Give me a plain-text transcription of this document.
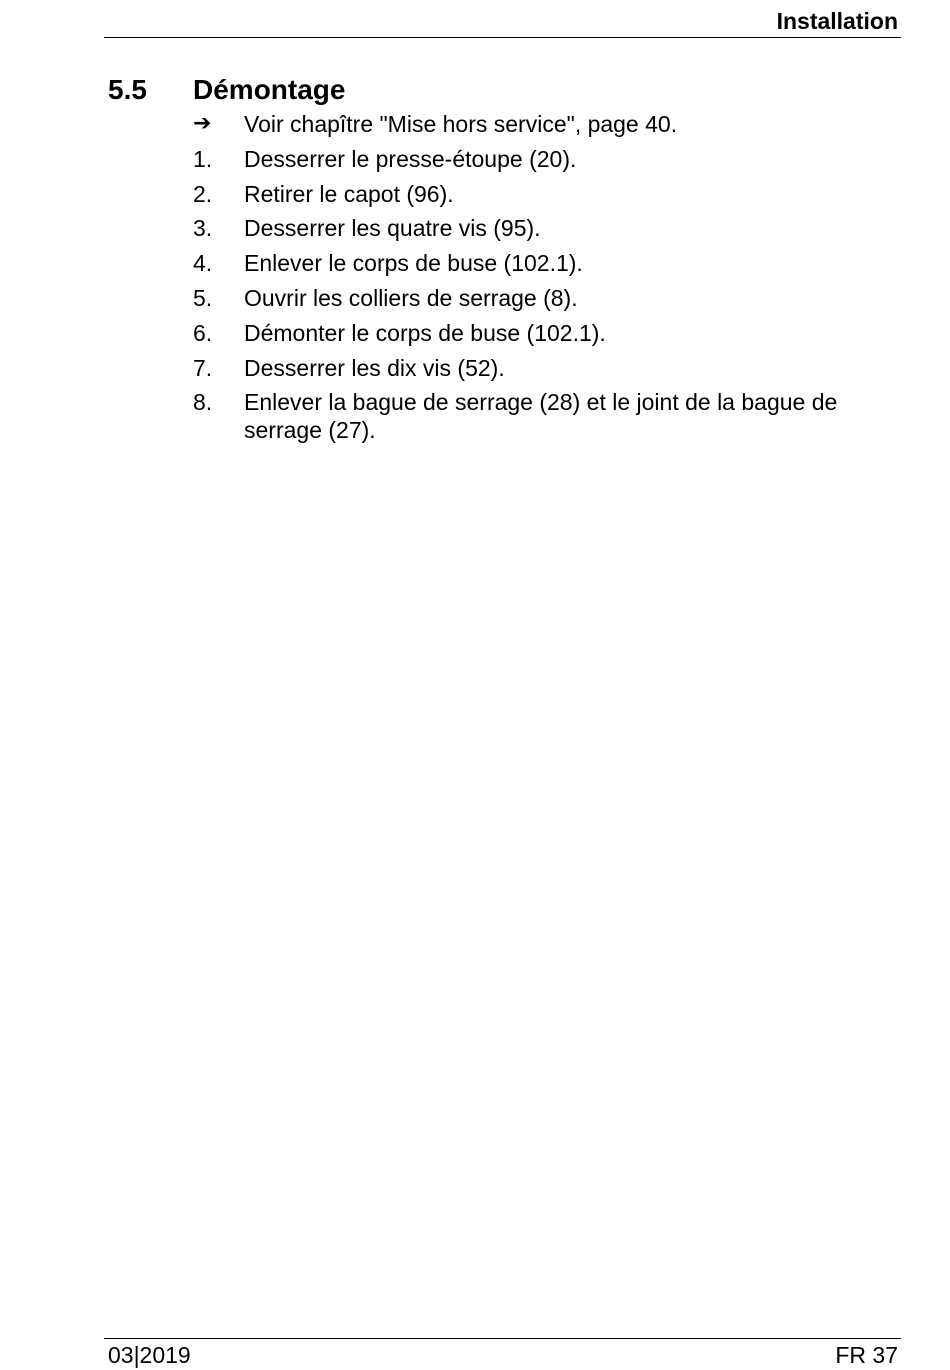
Installation
5.5 Démontage
➔	Voir chapître "Mise hors service", page 40.
1.	Desserrer le presse-étoupe (20).
2.	Retirer le capot (96).
3.	Desserrer les quatre vis (95).
4.	Enlever le corps de buse (102.1).
5.	Ouvrir les colliers de serrage (8).
6.	Démonter le corps de buse (102.1).
7.	Desserrer les dix vis (52).
8.	Enlever la bague de serrage (28) et le joint de la bague de serrage (27).
03|2019	FR 37
